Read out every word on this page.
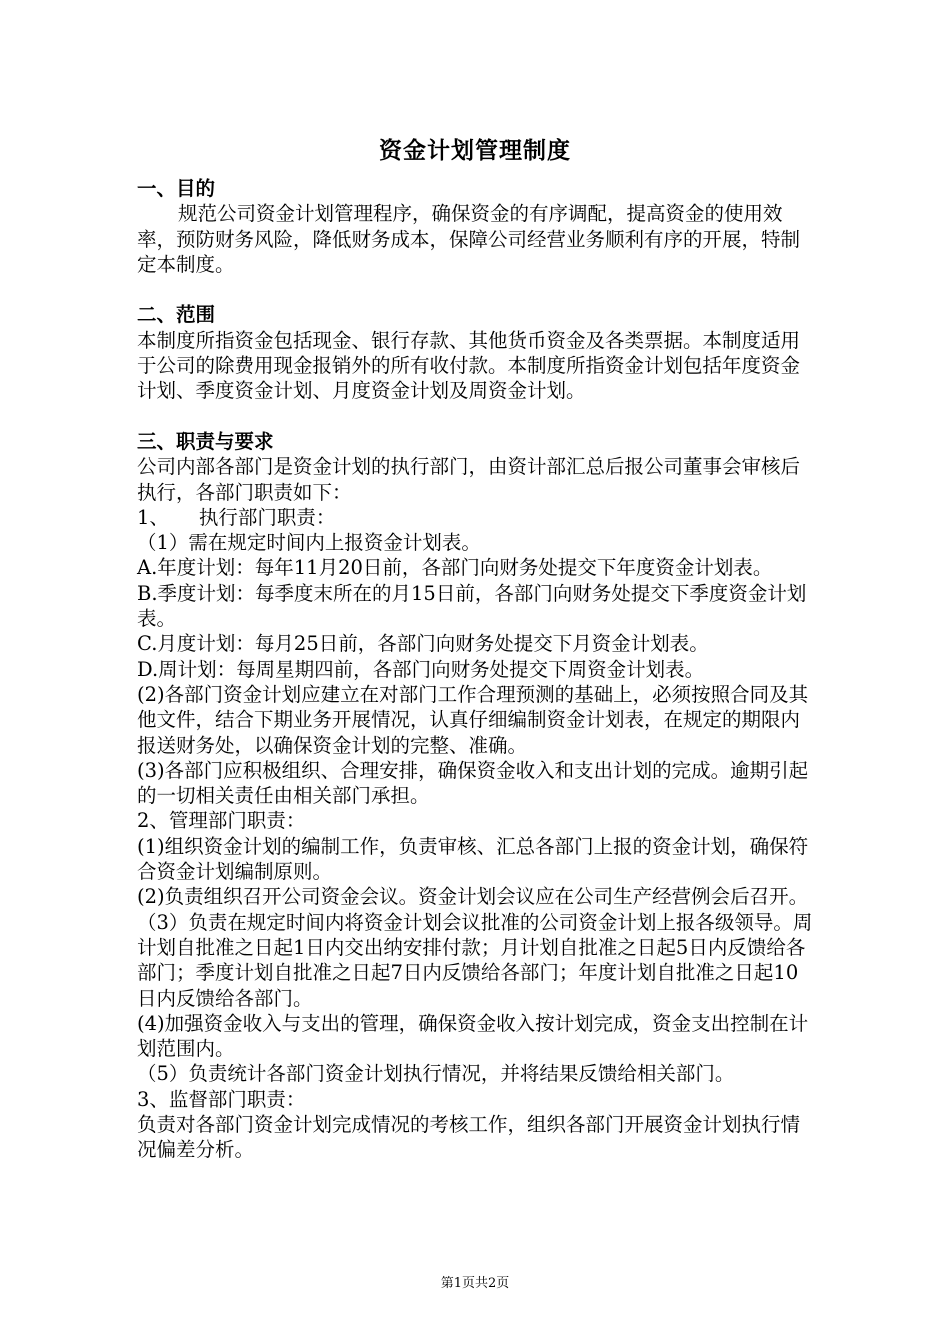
资金计划管理制度

一、目的

规范公司资金计划管理程序，确保资金的有序调配，提高资金的使用效率，预防财务风险，降低财务成本，保障公司经营业务顺利有序的开展，特制定本制度。

二、范围

本制度所指资金包括现金、银行存款、其他货币资金及各类票据。本制度适用于公司的除费用现金报销外的所有收付款。本制度所指资金计划包括年度资金计划、季度资金计划、月度资金计划及周资金计划。

三、职责与要求

公司内部各部门是资金计划的执行部门，由资计部汇总后报公司董事会审核后执行，各部门职责如下：

1、 执行部门职责：

（1）需在规定时间内上报资金计划表。

A.年度计划：每年11月20日前，各部门向财务处提交下年度资金计划表。

B.季度计划：每季度末所在的月15日前，各部门向财务处提交下季度资金计划表。

C.月度计划：每月25日前，各部门向财务处提交下月资金计划表。

D.周计划：每周星期四前，各部门向财务处提交下周资金计划表。

(2)各部门资金计划应建立在对部门工作合理预测的基础上，必须按照合同及其他文件，结合下期业务开展情况，认真仔细编制资金计划表，在规定的期限内报送财务处，以确保资金计划的完整、准确。

(3)各部门应积极组织、合理安排，确保资金收入和支出计划的完成。逾期引起的一切相关责任由相关部门承担。

2、管理部门职责：

(1)组织资金计划的编制工作，负责审核、汇总各部门上报的资金计划，确保符合资金计划编制原则。

(2)负责组织召开公司资金会议。资金计划会议应在公司生产经营例会后召开。

（3）负责在规定时间内将资金计划会议批准的公司资金计划上报各级领导。周计划自批准之日起1日内交出纳安排付款；月计划自批准之日起5日内反馈给各部门；季度计划自批准之日起7日内反馈给各部门；年度计划自批准之日起10日内反馈给各部门。

(4)加强资金收入与支出的管理，确保资金收入按计划完成，资金支出控制在计划范围内。

（5）负责统计各部门资金计划执行情况，并将结果反馈给相关部门。

3、监督部门职责：

负责对各部门资金计划完成情况的考核工作，组织各部门开展资金计划执行情况偏差分析。

第1页共2页
